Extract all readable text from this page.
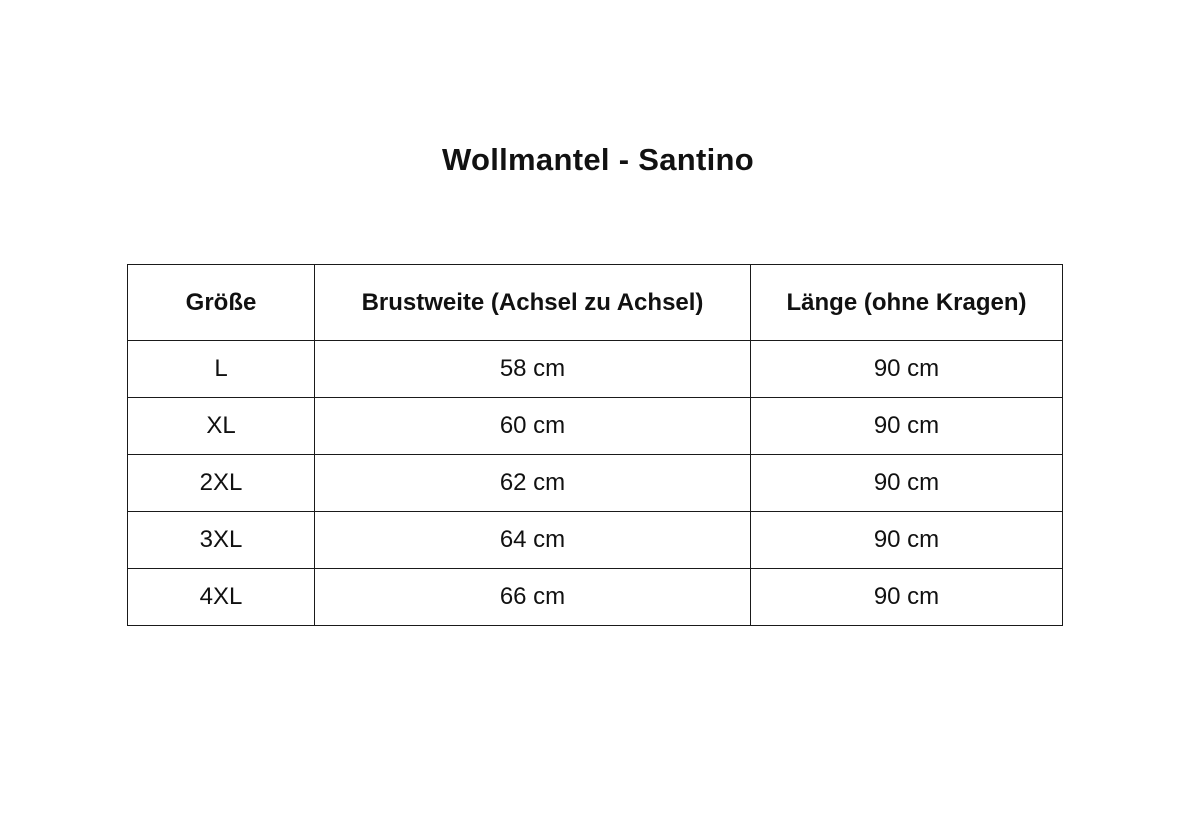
Wollmantel - Santino
Größe	Brustweite (Achsel zu Achsel)	Länge (ohne Kragen)
L	58 cm	90 cm
XL	60 cm	90 cm
2XL	62 cm	90 cm
3XL	64 cm	90 cm
4XL	66 cm	90 cm
